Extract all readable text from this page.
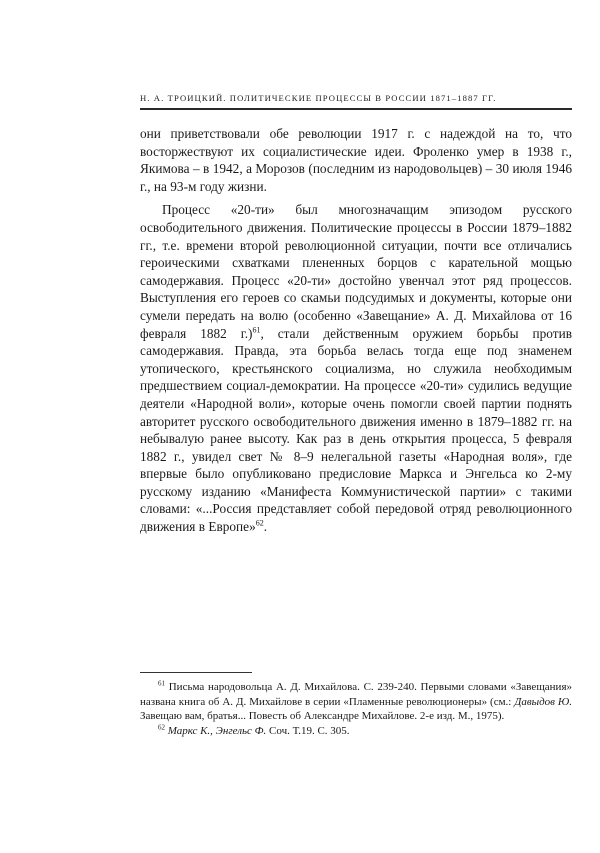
Н. А. ТРОИЦКИЙ. ПОЛИТИЧЕСКИЕ ПРОЦЕССЫ В РОССИИ 1871–1887 ГГ.

они приветствовали обе революции 1917 г. с надеждой на то, что восторжествуют их социалистические идеи. Фроленко умер в 1938 г., Якимова – в 1942, а Морозов (последним из народовольцев) – 30 июля 1946 г., на 93-м году жизни.

Процесс «20-ти» был многозначащим эпизодом русского освободительного движения. Политические процессы в России 1879–1882 гг., т.е. времени второй революционной ситуации, почти все отличались героическими схватками плененных борцов с карательной мощью самодержавия. Процесс «20-ти» достойно увенчал этот ряд процессов. Выступления его героев со скамьи подсудимых и документы, которые они сумели передать на волю (особенно «Завещание» А. Д. Михайлова от 16 февраля 1882 г.)$^{61}$, стали действенным оружием борьбы против самодержавия. Правда, эта борьба велась тогда еще под знаменем утопического, крестьянского социализма, но служила необходимым предшествием социал-демократии. На процессе «20-ти» судились ведущие деятели «Народной воли», которые очень помогли своей партии поднять авторитет русского освободительного движения именно в 1879–1882 гг. на небывалую ранее высоту. Как раз в день открытия процесса, 5 февраля 1882 г., увидел свет № 8–9 нелегальной газеты «Народная воля», где впервые было опубликовано предисловие Маркса и Энгельса ко 2-му русскому изданию «Манифеста Коммунистической партии» с такими словами: «...Россия представляет собой передовой отряд революционного движения в Европе»$^{62}$.

$^{61}$ Письма народовольца А. Д. Михайлова. С. 239-240. Первыми словами «Завещания» названа книга об А. Д. Михайлове в серии «Пламенные революционеры» (см.: Давыдов Ю. Завещаю вам, братья... Повесть об Александре Михайлове. 2-е изд. М., 1975).

$^{62}$ Маркс К., Энгельс Ф. Соч. Т.19. С. 305.
